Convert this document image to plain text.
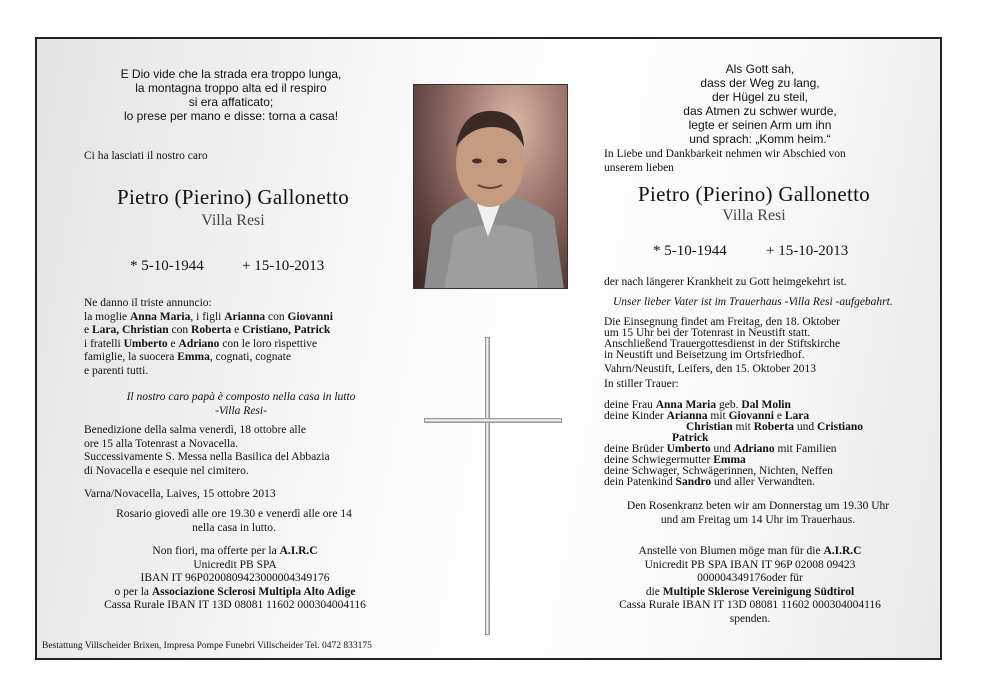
E Dio vide che la strada era troppo lunga,
la montagna troppo alta ed il respiro
si era affaticato;
lo prese per mano e disse: torna a casa!
Ci ha lasciati il nostro caro
Pietro (Pierino) Gallonetto
Villa Resi
* 5-10-1944	+ 15-10-2013
Ne danno il triste annuncio:
la moglie Anna Maria, i figli Arianna con Giovanni
e Lara, Christian con Roberta e Cristiano, Patrick
i fratelli Umberto e Adriano con le loro rispettive
famiglie, la suocera Emma, cognati, cognate
e parenti tutti.
Il nostro caro papà è composto nella casa in lutto
-Villa Resi-
Benedizione della salma venerdì, 18 ottobre alle
ore 15 alla Totenrast a Novacella.
Successivamente S. Messa nella Basilica del Abbazia
di Novacella e esequie nel cimitero.
Varna/Novacella, Laives, 15 ottobre 2013
Rosario giovedì alle ore 19.30 e venerdì alle ore 14
nella casa in lutto.
Non fiori, ma offerte per la A.I.R.C
Unicredit PB SPA
IBAN IT 96P0200809423000004349176
o per la Associazione Sclerosi Multipla Alto Adige
Cassa Rurale IBAN IT 13D 08081 11602 000304004116
Bestattung Villscheider Brixen, Impresa Pompe Funebri Villscheider Tel. 0472 833175
Als Gott sah,
dass der Weg zu lang,
der Hügel zu steil,
das Atmen zu schwer wurde,
legte er seinen Arm um ihn
und sprach: „Komm heim.“
In Liebe und Dankbarkeit nehmen wir Abschied von
unserem lieben
Pietro (Pierino) Gallonetto
Villa Resi
* 5-10-1944	+ 15-10-2013
der nach längerer Krankheit zu Gott heimgekehrt ist.
Unser lieber Vater ist im Trauerhaus -Villa Resi -aufgebahrt.
Die Einsegnung findet am Freitag, den 18. Oktober
um 15 Uhr bei der Totenrast in Neustift statt.
Anschließend Trauergottesdienst in der Stiftskirche
in Neustift und Beisetzung im Ortsfriedhof.
Vahrn/Neustift, Leifers, den 15. Oktober 2013
In stiller Trauer:
deine Frau Anna Maria geb. Dal Molin
deine Kinder Arianna mit Giovanni e Lara
Christian mit Roberta und Cristiano
Patrick
deine Brüder Umberto und Adriano mit Familien
deine Schwiegermutter Emma
deine Schwager, Schwägerinnen, Nichten, Neffen
dein Patenkind Sandro und aller Verwandten.
Den Rosenkranz beten wir am Donnerstag um 19.30 Uhr
und am Freitag um 14 Uhr im Trauerhaus.
Anstelle von Blumen möge man für die A.I.R.C
Unicredit PB SPA IBAN IT 96P 02008 09423
000004349176oder für
die Multiple Sklerose Vereinigung Südtirol
Cassa Rurale IBAN IT 13D 08081 11602 000304004116
spenden.
